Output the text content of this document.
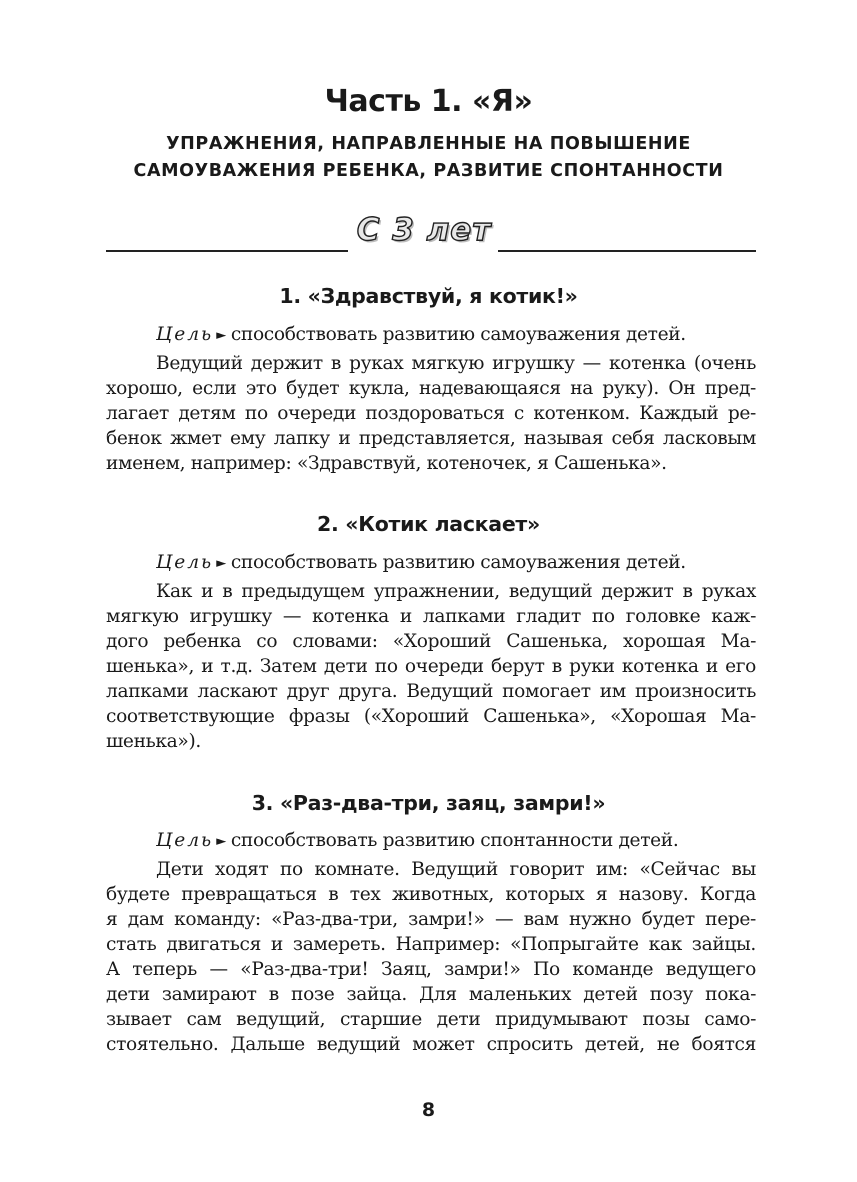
Часть 1. «Я»
УПРАЖНЕНИЯ, НАПРАВЛЕННЫЕ НА ПОВЫШЕНИЕ
САМОУВАЖЕНИЯ РЕБЕНКА, РАЗВИТИЕ СПОНТАННОСТИ
С 3 лет
1. «Здравствуй, я котик!»
Цель ► способствовать развитию самоуважения детей.
Ведущий держит в руках мягкую игрушку — котенка (очень
хорошо, если это будет кукла, надевающаяся на руку). Он пред-
лагает детям по очереди поздороваться с котенком. Каждый ре-
бенок жмет ему лапку и представляется, называя себя ласковым
именем, например: «Здравствуй, котеночек, я Сашенька».
2. «Котик ласкает»
Цель ► способствовать развитию самоуважения детей.
Как и в предыдущем упражнении, ведущий держит в руках
мягкую игрушку — котенка и лапками гладит по головке каж-
дого ребенка со словами: «Хороший Сашенька, хорошая Ма-
шенька», и т.д. Затем дети по очереди берут в руки котенка и его
лапками ласкают друг друга. Ведущий помогает им произносить
соответствующие фразы («Хороший Сашенька», «Хорошая Ма-
шенька»).
3. «Раз-два-три, заяц, замри!»
Цель ► способствовать развитию спонтанности детей.
Дети ходят по комнате. Ведущий говорит им: «Сейчас вы
будете превращаться в тех животных, которых я назову. Когда
я дам команду: «Раз-два-три, замри!» — вам нужно будет пере-
стать двигаться и замереть. Например: «Попрыгайте как зайцы.
А теперь — «Раз-два-три! Заяц, замри!» По команде ведущего
дети замирают в позе зайца. Для маленьких детей позу пока-
зывает сам ведущий, старшие дети придумывают позы само-
стоятельно. Дальше ведущий может спросить детей, не боятся
8
